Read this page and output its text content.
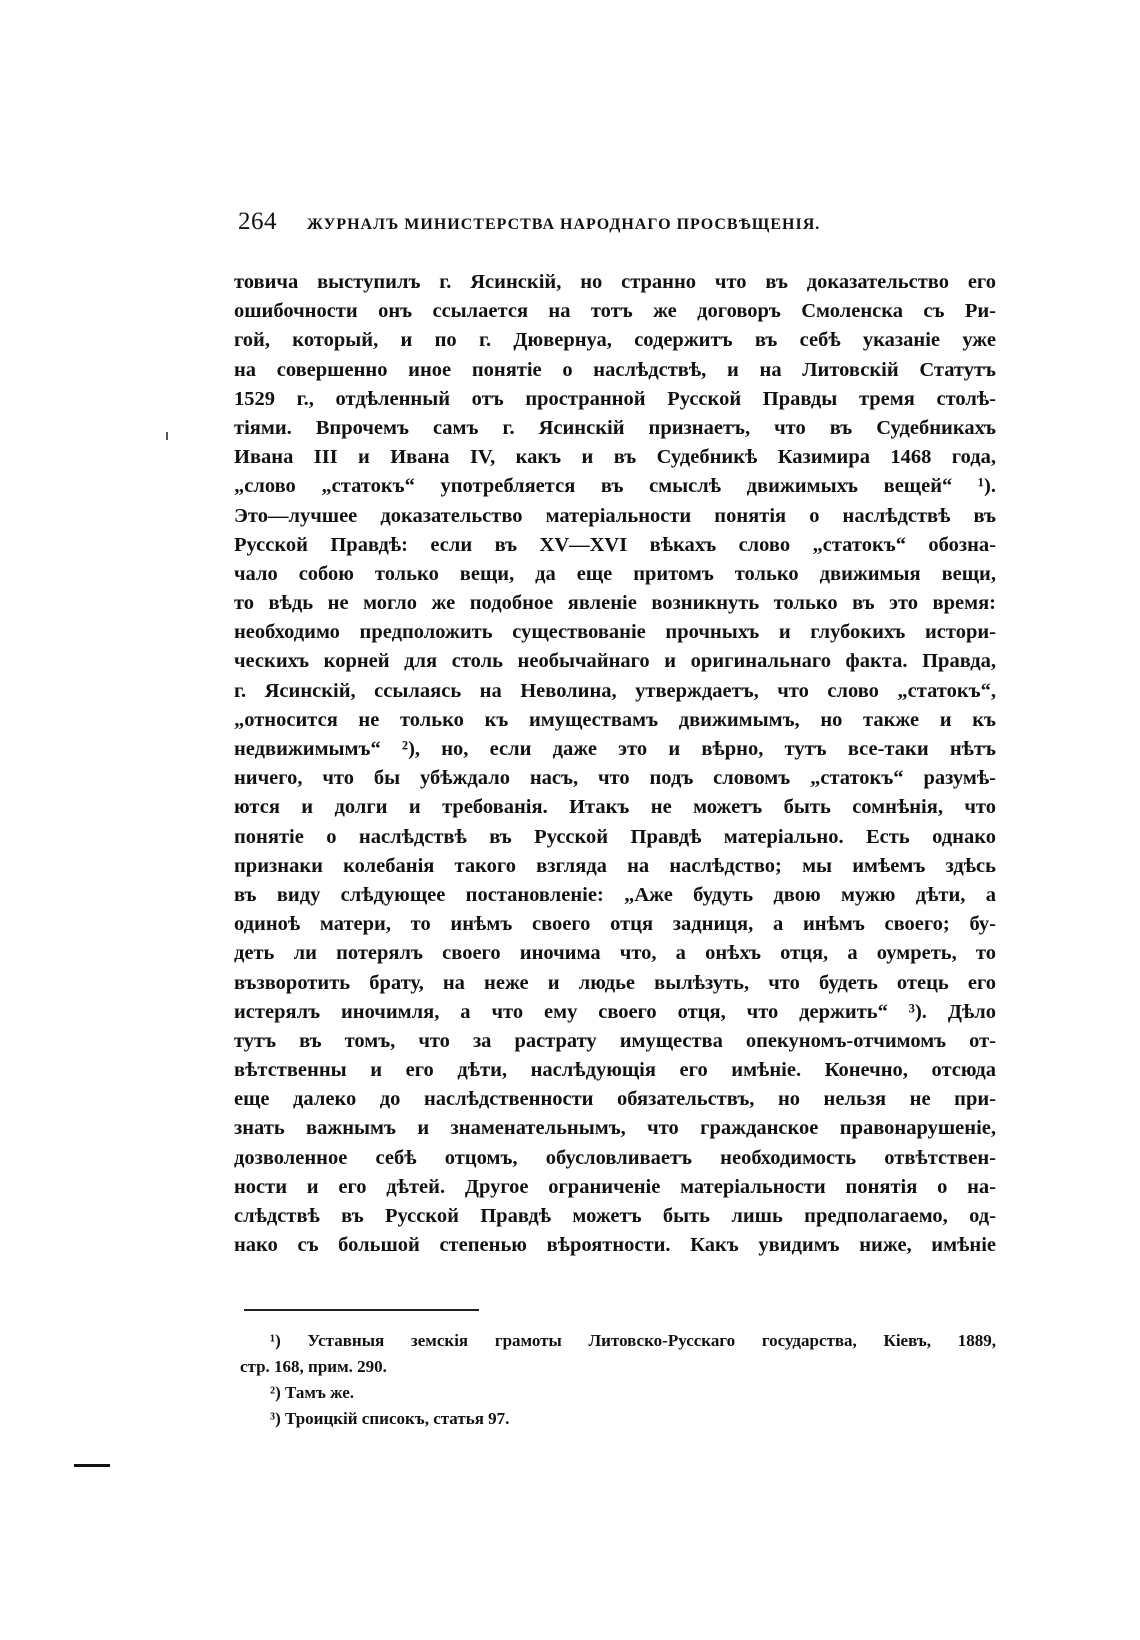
264 ЖУРНАЛЪ МИНИСТЕРСТВА НАРОДНАГО ПРОСВѢЩЕНІЯ.
товича выступилъ г. Ясинскій, но странно что въ доказательство его
ошибочности онъ ссылается на тотъ же договоръ Смоленска съ Ри-
гой, который, и по г. Дювернуа, содержитъ въ себѣ указаніе уже
на совершенно иное понятіе о наслѣдствѣ, и на Литовскій Статутъ
1529 г., отдѣленный отъ пространной Русской Правды тремя столѣ-
тіями. Впрочемъ самъ г. Ясинскій признаетъ, что въ Судебникахъ
Ивана III и Ивана IV, какъ и въ Судебникѣ Казимира 1468 года,
„слово „статокъ“ употребляется въ смыслѣ движимыхъ вещей“ ¹).
Это—лучшее доказательство матеріальности понятія о наслѣдствѣ въ
Русской Правдѣ: если въ XV—XVI вѣкахъ слово „статокъ“ обозна-
чало собою только вещи, да еще притомъ только движимыя вещи,
то вѣдь не могло же подобное явленіе возникнуть только въ это время:
необходимо предположить существованіе прочныхъ и глубокихъ истори-
ческихъ корней для столь необычайнаго и оригинальнаго факта. Правда,
г. Ясинскій, ссылаясь на Неволина, утверждаетъ, что слово „статокъ“,
„относится не только къ имуществамъ движимымъ, но также и къ
недвижимымъ“ ²), но, если даже это и вѣрно, тутъ все-таки нѣтъ
ничего, что бы убѣждало насъ, что подъ словомъ „статокъ“ разумѣ-
ются и долги и требованія. Итакъ не можетъ быть сомнѣнія, что
понятіе о наслѣдствѣ въ Русской Правдѣ матеріально. Есть однако
признаки колебанія такого взгляда на наслѣдство; мы имѣемъ здѣсь
въ виду слѣдующее постановленіе: „Аже будуть двою мужю дѣти, а
одиноѣ матери, то инѣмъ своего отця задниця, а инѣмъ своего; бу-
деть ли потерялъ своего иночима что, а онѣхъ отця, а оумреть, то
възворотить брату, на неже и людье вылѣзуть, что будеть отець его
истерялъ иночимля, а что ему своего отця, что держить“ ³). Дѣло
тутъ въ томъ, что за растрату имущества опекуномъ-отчимомъ от-
вѣтственны и его дѣти, наслѣдующія его имѣніе. Конечно, отсюда
еще далеко до наслѣдственности обязательствъ, но нельзя не при-
знать важнымъ и знаменательнымъ, что гражданское правонарушеніе,
дозволенное себѣ отцомъ, обусловливаетъ необходимость отвѣтствен-
ности и его дѣтей. Другое ограниченіе матеріальности понятія о на-
слѣдствѣ въ Русской Правдѣ можетъ быть лишь предполагаемо, од-
нако съ большой степенью вѣроятности. Какъ увидимъ ниже, имѣніе
¹) Уставныя земскія грамоты Литовско-Русскаго государства, Кіевъ, 1889,
стр. 168, прим. 290.
²) Тамъ же.
³) Троицкій списокъ, статья 97.
